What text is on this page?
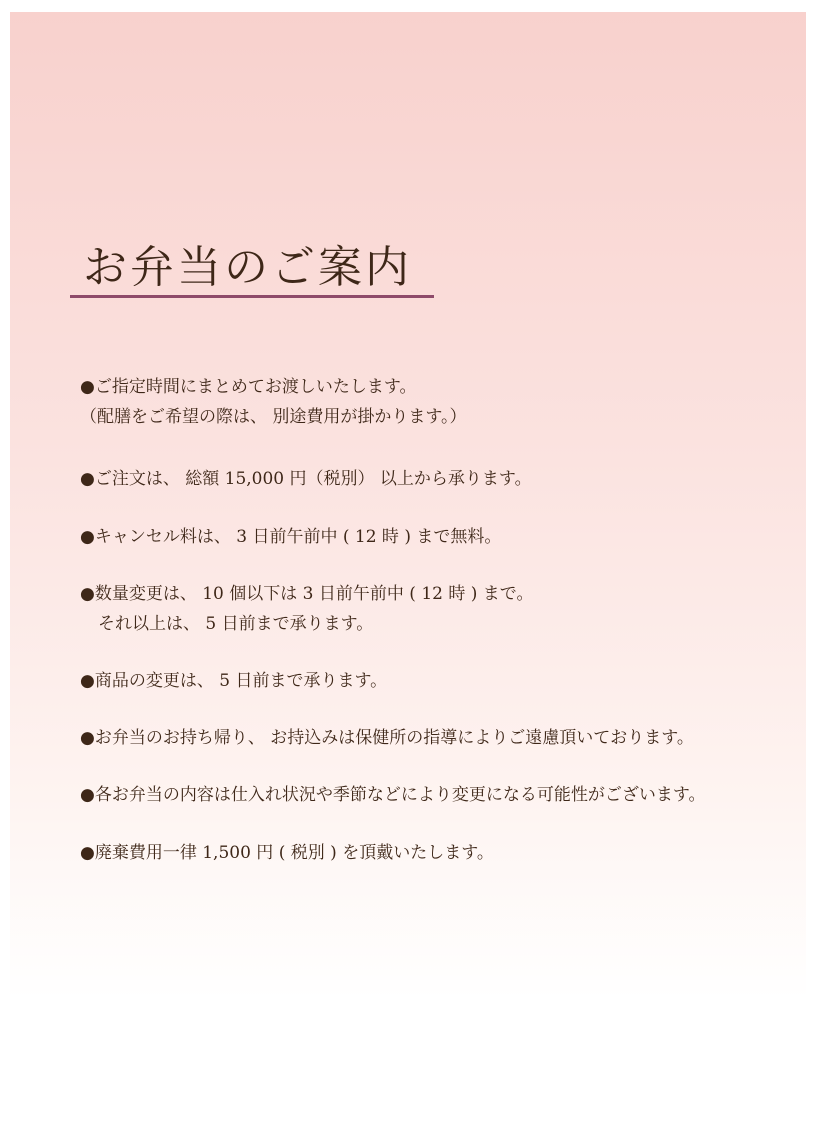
お弁当のご案内
●ご指定時間にまとめてお渡しいたします。
（配膳をご希望の際は、 別途費用が掛かります。）
●ご注文は、 総額 15,000 円（税別） 以上から承ります。
●キャンセル料は、 3 日前午前中 ( 12 時 ) まで無料。
●数量変更は、 10 個以下は 3 日前午前中 ( 12 時 ) まで。
それ以上は、 5 日前まで承ります。
●商品の変更は、 5 日前まで承ります。
●お弁当のお持ち帰り、 お持込みは保健所の指導によりご遠慮頂いております。
●各お弁当の内容は仕入れ状況や季節などにより変更になる可能性がございます。
●廃棄費用一律 1,500 円 ( 税別 ) を頂戴いたします。
